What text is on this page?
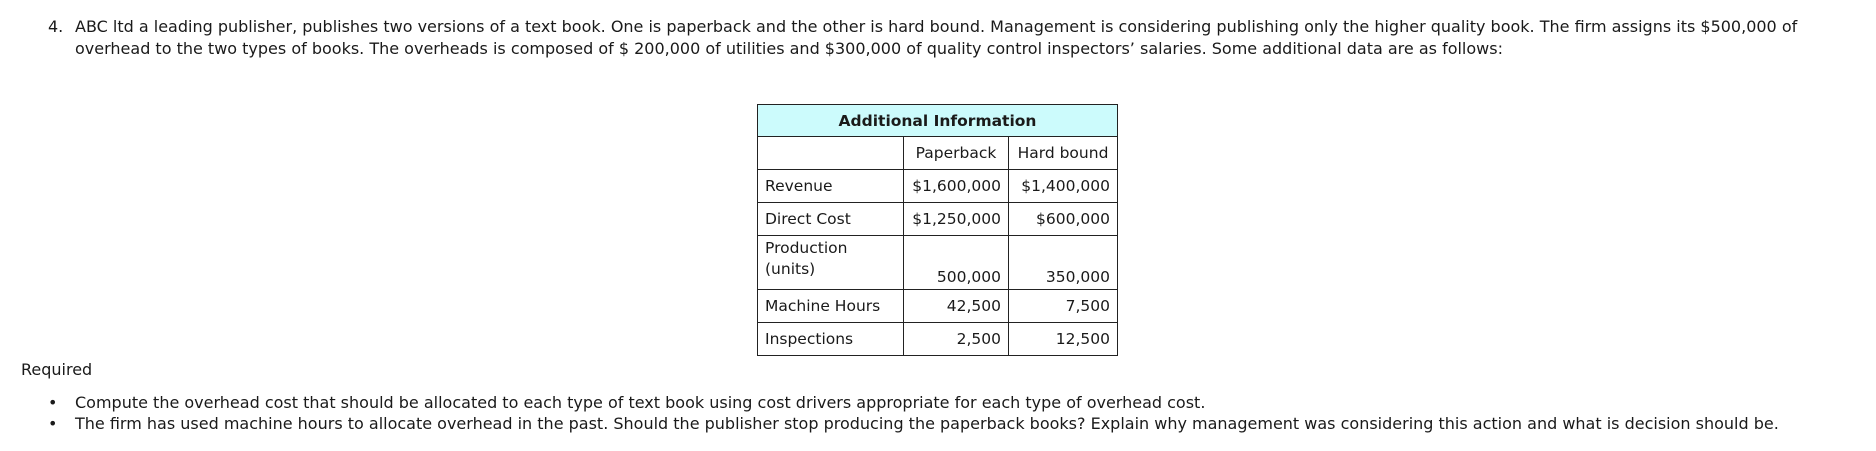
4. ABC ltd a leading publisher, publishes two versions of a text book. One is paperback and the other is hard bound. Management is considering publishing only the higher quality book. The firm assigns its $500,000 of overhead to the two types of books. The overheads is composed of $ 200,000 of utilities and $300,000 of quality control inspectors’ salaries. Some additional data are as follows:
Additional Information		
	Paperback	Hard bound
Revenue	$1,600,000	$1,400,000
Direct Cost	$1,250,000	$600,000
Production (units)	500,000	350,000
Machine Hours	42,500	7,500
Inspections	2,500	12,500
Required
• Compute the overhead cost that should be allocated to each type of text book using cost drivers appropriate for each type of overhead cost.
• The firm has used machine hours to allocate overhead in the past. Should the publisher stop producing the paperback books? Explain why management was considering this action and what is decision should be.
